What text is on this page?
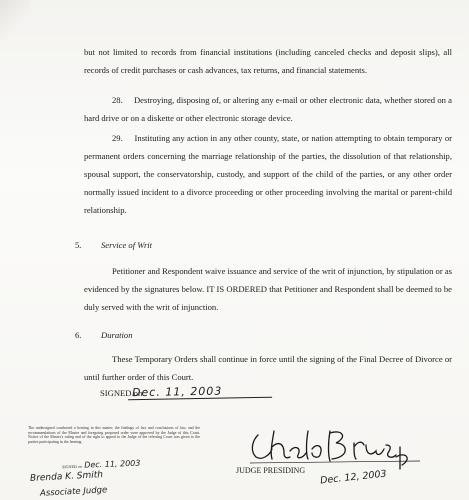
but not limited to records from financial institutions (including canceled checks and deposit slips), all records of credit purchases or cash advances, tax returns, and financial statements.
28.     Destroying, disposing of, or altering any e-mail or other electronic data, whether stored on a hard drive or on a diskette or other electronic storage device.
29.     Instituting any action in any other county, state, or nation attempting to obtain temporary or permanent orders concerning the marriage relationship of the parties, the dissolution of that relationship, spousal support, the conservatorship, custody, and support of the child of the parties, or any other order normally issued incident to a divorce proceeding or other proceeding involving the marital or parent-child relationship.
5. Service of Writ
Petitioner and Respondent waive issuance and service of the writ of injunction, by stipulation or as evidenced by the signatures below. IT IS ORDERED that Petitioner and Respondent shall be deemed to be duly served with the writ of injunction.
6. Duration
These Temporary Orders shall continue in force until the signing of the Final Decree of Divorce or until further order of this Court.
SIGNED on
Dec. 11, 2003
The undersigned conducted a hearing in this matter, the findings of fact and conclusions of law, and the recommendations of the Master and foregoing proposed order were approved by the Judge of this Court. Notice of the Master's ruling and of the right to appeal to the Judge of the referring Court was given to the parties participating in the hearing.
SIGNED on Dec. 11, 2003
Brenda K. Smith
Associate Judge
JUDGE PRESIDING Dec. 12, 2003
